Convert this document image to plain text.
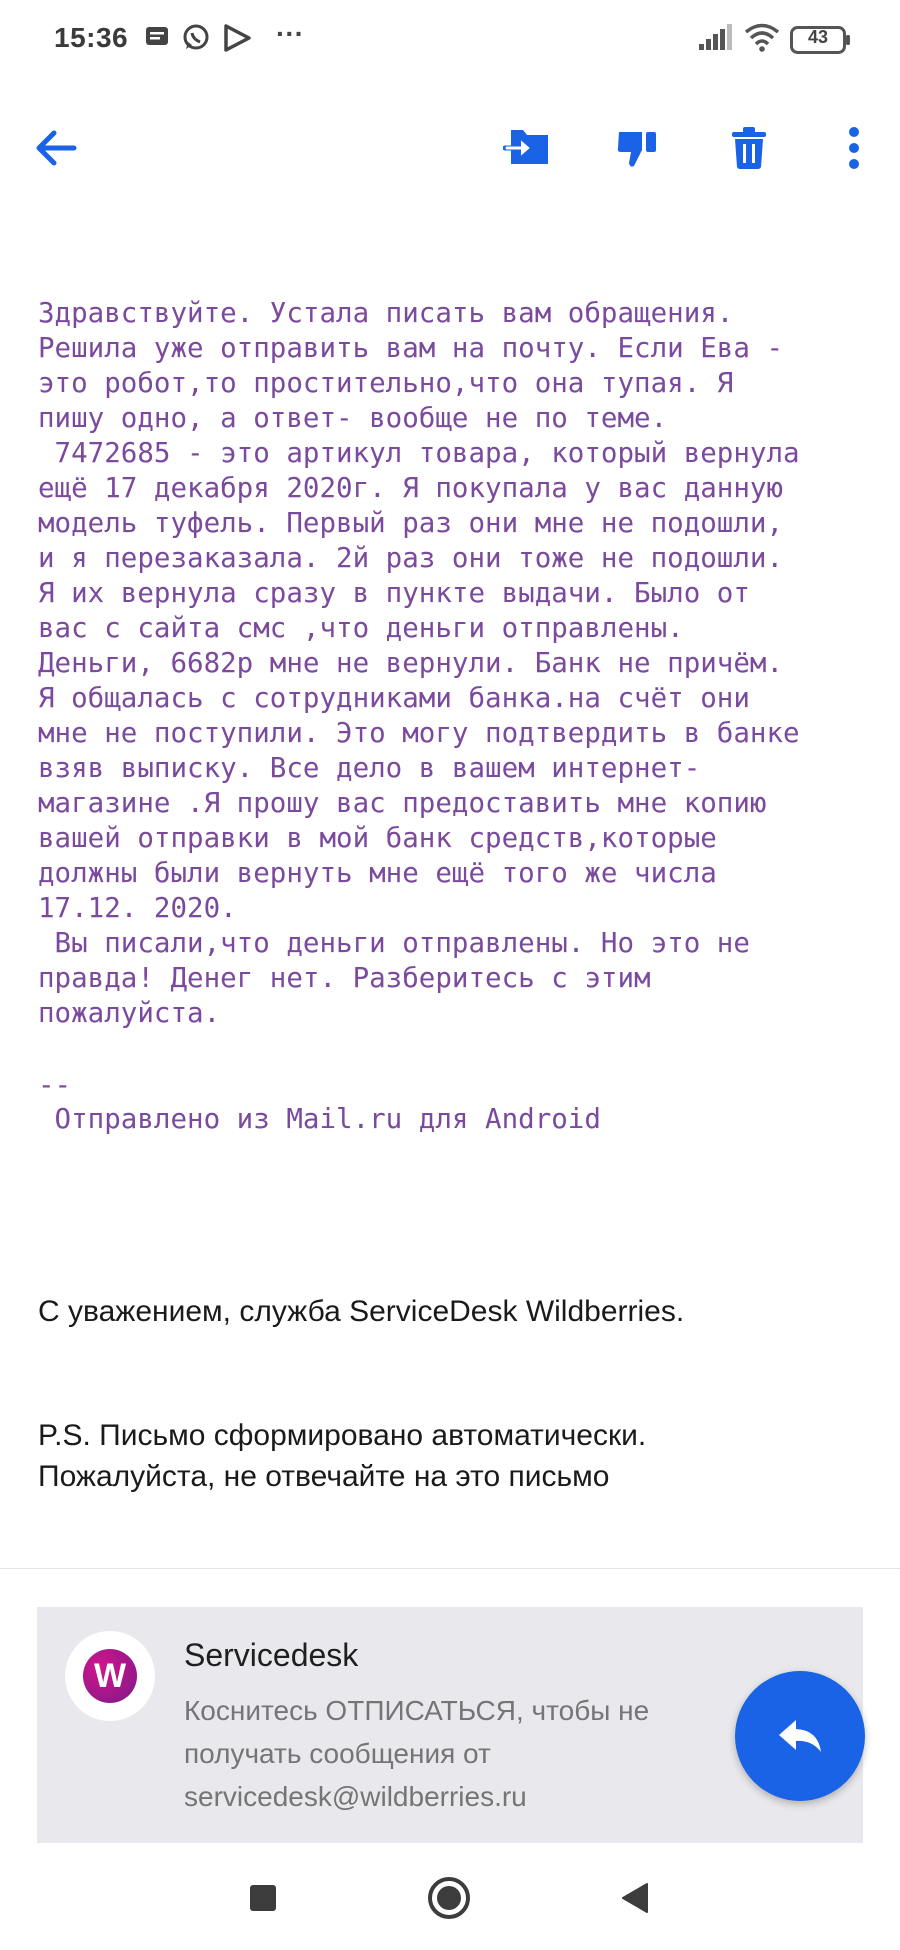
15:36	···	43
Здравствуйте. Устала писать вам обращения.
Решила уже отправить вам на почту. Если Ева -
это робот,то простительно,что она тупая. Я
пишу одно, а ответ- вообще не по теме.
7472685 - это артикул товара, который вернула
ещё 17 декабря 2020г. Я покупала у вас данную
модель туфель. Первый раз они мне не подошли,
и я перезаказала. 2й раз они тоже не подошли.
Я их вернула сразу в пункте выдачи. Было от
вас с сайта смс ,что деньги отправлены.
Деньги, 6682р мне не вернули. Банк не причём.
Я общалась с сотрудниками банка.на счёт они
мне не поступили. Это могу подтвердить в банке
взяв выписку. Все дело в вашем интернет-
магазине .Я прошу вас предоставить мне копию
вашей отправки в мой банк средств,которые
должны были вернуть мне ещё того же числа
17.12. 2020.
Вы писали,что деньги отправлены. Но это не
правда! Денег нет. Разберитесь с этим
пожалуйста.
--
Отправлено из Mail.ru для Android
С уважением, служба ServiceDesk Wildberries.
P.S. Письмо сформировано автоматически.
Пожалуйста, не отвечайте на это письмо
W
Servicedesk
Коснитесь ОТПИСАТЬСЯ, чтобы не получать сообщения от servicedesk@wildberries.ru
